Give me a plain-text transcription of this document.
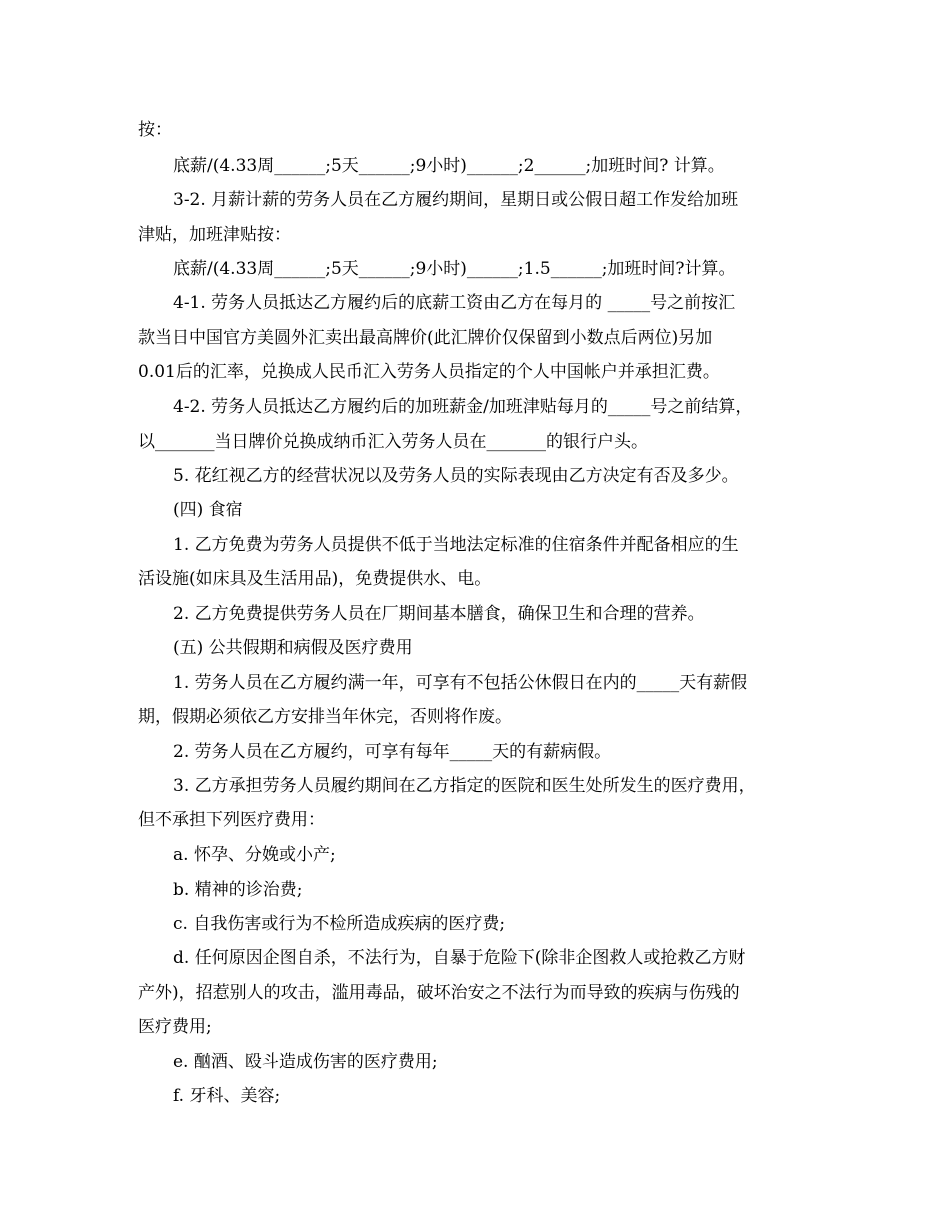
按：
底薪/(4.33周______;5天______;9小时)______;2______;加班时间? 计算。
3-2. 月薪计薪的劳务人员在乙方履约期间，星期日或公假日超工作发给加班
津贴，加班津贴按：
底薪/(4.33周______;5天______;9小时)______;1.5______;加班时间?计算。
4-1. 劳务人员抵达乙方履约后的底薪工资由乙方在每月的 _____号之前按汇
款当日中国官方美圆外汇卖出最高牌价(此汇牌价仅保留到小数点后两位)另加
0.01后的汇率，兑换成人民币汇入劳务人员指定的个人中国帐户并承担汇费。
4-2. 劳务人员抵达乙方履约后的加班薪金/加班津贴每月的_____号之前结算，
以_______当日牌价兑换成纳币汇入劳务人员在_______的银行户头。
5. 花红视乙方的经营状况以及劳务人员的实际表现由乙方决定有否及多少。
(四) 食宿
1. 乙方免费为劳务人员提供不低于当地法定标准的住宿条件并配备相应的生
活设施(如床具及生活用品)，免费提供水、电。
2. 乙方免费提供劳务人员在厂期间基本膳食，确保卫生和合理的营养。
(五) 公共假期和病假及医疗费用
1. 劳务人员在乙方履约满一年，可享有不包括公休假日在内的_____天有薪假
期，假期必须依乙方安排当年休完，否则将作废。
2. 劳务人员在乙方履约，可享有每年_____天的有薪病假。
3. 乙方承担劳务人员履约期间在乙方指定的医院和医生处所发生的医疗费用，
但不承担下列医疗费用：
a. 怀孕、分娩或小产;
b. 精神的诊治费;
c. 自我伤害或行为不检所造成疾病的医疗费;
d. 任何原因企图自杀，不法行为，自暴于危险下(除非企图救人或抢救乙方财
产外)，招惹别人的攻击，滥用毒品，破坏治安之不法行为而导致的疾病与伤残的
医疗费用;
e. 酗酒、殴斗造成伤害的医疗费用;
f. 牙科、美容;
